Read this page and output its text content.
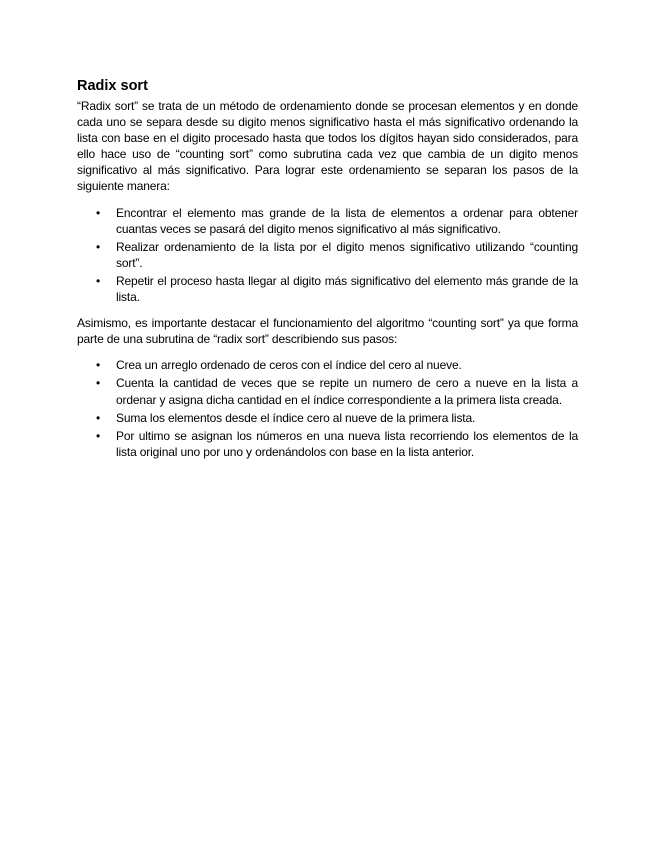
Radix sort

“Radix sort” se trata de un método de ordenamiento donde se procesan elementos y en donde cada uno se separa desde su digito menos significativo hasta el más significativo ordenando la lista con base en el digito procesado hasta que todos los dígitos hayan sido considerados, para ello hace uso de “counting sort” como subrutina cada vez que cambia de un digito menos significativo al más significativo. Para lograr este ordenamiento se separan los pasos de la siguiente manera:

• Encontrar el elemento mas grande de la lista de elementos a ordenar para obtener cuantas veces se pasará del digito menos significativo al más significativo.
• Realizar ordenamiento de la lista por el digito menos significativo utilizando “counting sort”.
• Repetir el proceso hasta llegar al digito más significativo del elemento más grande de la lista.

Asimismo, es importante destacar el funcionamiento del algoritmo “counting sort” ya que forma parte de una subrutina de “radix sort” describiendo sus pasos:

• Crea un arreglo ordenado de ceros con el índice del cero al nueve.
• Cuenta la cantidad de veces que se repite un numero de cero a nueve en la lista a ordenar y asigna dicha cantidad en el índice correspondiente a la primera lista creada.
• Suma los elementos desde el índice cero al nueve de la primera lista.
• Por ultimo se asignan los números en una nueva lista recorriendo los elementos de la lista original uno por uno y ordenándolos con base en la lista anterior.
